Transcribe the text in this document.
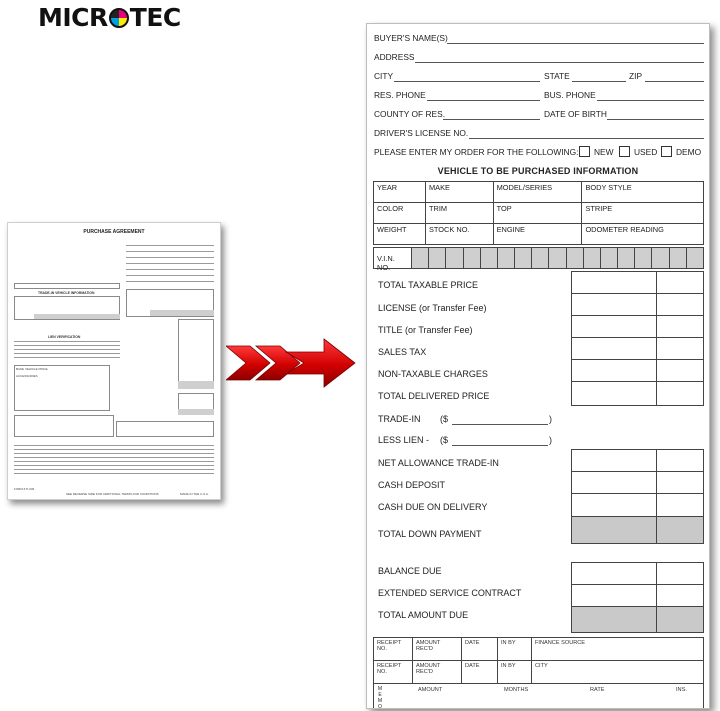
MICR TEC
PURCHASE AGREEMENT
TRADE-IN VEHICLE INFORMATION
LIEN VERIFICATION
BASE VEHICLE PRICE
ACCESSORIES
FORM # P-049
SEE REVERSE SIDE FOR ADDITIONAL TERMS AND CONDITIONS	MADE IN THE U.S.A.
BUYER'S NAME(S)
ADDRESS
CITY	STATE	ZIP
RES. PHONE	BUS. PHONE
COUNTY OF RES.	DATE OF BIRTH
DRIVER'S LICENSE NO.
PLEASE ENTER MY ORDER FOR THE FOLLOWING: NEW USED DEMO
VEHICLE TO BE PURCHASED INFORMATION
YEAR	MAKE	MODEL/SERIES	BODY STYLE
COLOR	TRIM	TOP	STRIPE
WEIGHT	STOCK NO.	ENGINE	ODOMETER READING
V.I.N. NO.
TOTAL TAXABLE PRICE
LICENSE (or Transfer Fee)
TITLE (or Transfer Fee)
SALES TAX
NON-TAXABLE CHARGES
TOTAL DELIVERED PRICE
TRADE-IN ($	)
LESS LIEN - ($	)
NET ALLOWANCE TRADE-IN
CASH DEPOSIT
CASH DUE ON DELIVERY
TOTAL DOWN PAYMENT
BALANCE DUE
EXTENDED SERVICE CONTRACT
TOTAL AMOUNT DUE
RECEIPT NO.	AMOUNT REC'D	DATE	IN BY	FINANCE SOURCE
RECEIPT NO.	AMOUNT REC'D	DATE	IN BY	CITY
M E M O
AMOUNT	MONTHS	RATE	INS.
